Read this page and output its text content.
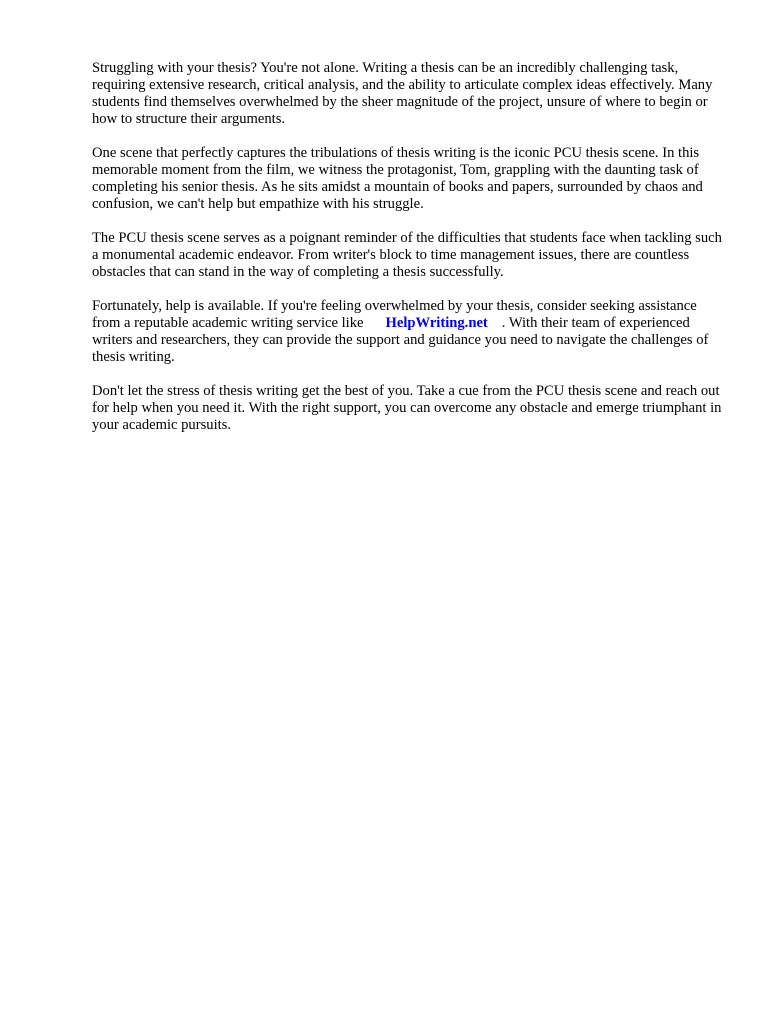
Struggling with your thesis? You're not alone. Writing a thesis can be an incredibly challenging task, requiring extensive research, critical analysis, and the ability to articulate complex ideas effectively. Many students find themselves overwhelmed by the sheer magnitude of the project, unsure of where to begin or how to structure their arguments.

One scene that perfectly captures the tribulations of thesis writing is the iconic PCU thesis scene. In this memorable moment from the film, we witness the protagonist, Tom, grappling with the daunting task of completing his senior thesis. As he sits amidst a mountain of books and papers, surrounded by chaos and confusion, we can't help but empathize with his struggle.

The PCU thesis scene serves as a poignant reminder of the difficulties that students face when tackling such a monumental academic endeavor. From writer's block to time management issues, there are countless obstacles that can stand in the way of completing a thesis successfully.

Fortunately, help is available. If you're feeling overwhelmed by your thesis, consider seeking assistance from a reputable academic writing service like HelpWriting.net . With their team of experienced writers and researchers, they can provide the support and guidance you need to navigate the challenges of thesis writing.

Don't let the stress of thesis writing get the best of you. Take a cue from the PCU thesis scene and reach out for help when you need it. With the right support, you can overcome any obstacle and emerge triumphant in your academic pursuits.
